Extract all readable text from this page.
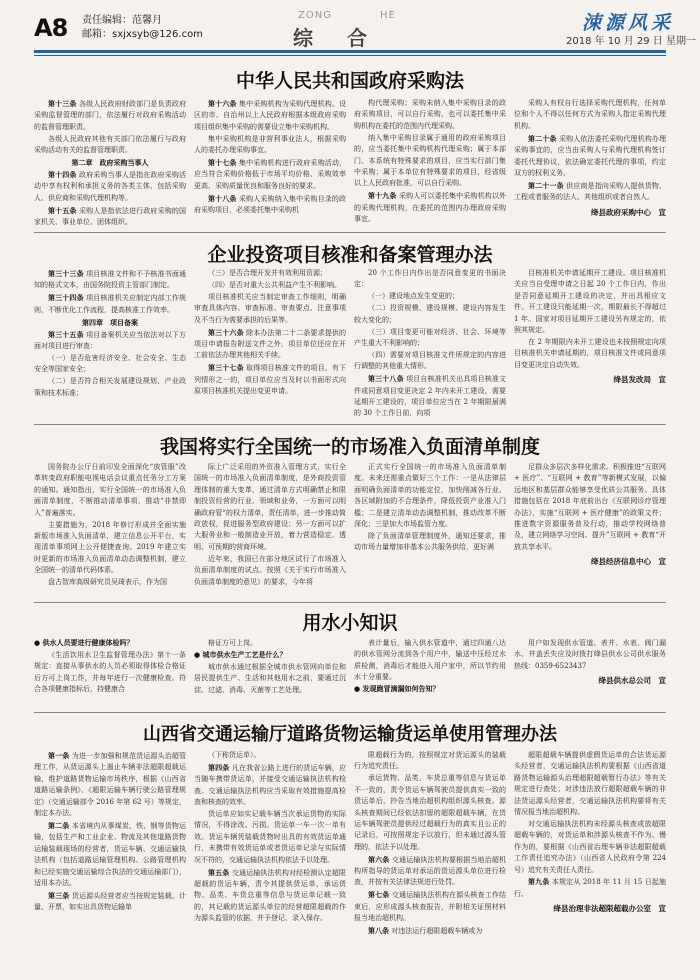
A8 责任编辑：范馨月
邮箱：sxjxsyb@126.com
ZONG	HE
综合
涑源风采
2018 年 10 月 29 日 星期一
中华人民共和国政府采购法

第十三条 各级人民政府财政部门是负责政府采购监督管理的部门，依法履行对政府采购活动的监督管理职责。

各级人民政府其他有关部门依法履行与政府采购活动有关的监督管理职责。

第二章　政府采购当事人

第十四条 政府采购当事人是指在政府采购活动中享有权利和承担义务的各类主体，包括采购人、供应商和采购代理机构等。

第十五条 采购人是指依法进行政府采购的国家机关、事业单位、团体组织。

第十六条 集中采购机构为采购代理机构。设区的市、自治州以上人民政府根据本级政府采购项目组织集中采购的需要设立集中采购机构。

集中采购机构是非营利事业法人，根据采购人的委托办理采购事宜。

第十七条 集中采购机构进行政府采购活动，应当符合采购价格低于市场平均价格、采购效率更高、采购质量优良和服务良好的要求。

第十八条 采购人采购纳入集中采购目录的政府采购项目，必须委托集中采购机

构代理采购；采购未纳入集中采购目录的政府采购项目，可以自行采购，也可以委托集中采购机构在委托的范围内代理采购。

纳入集中采购目录属于通用的政府采购项目的，应当委托集中采购机构代理采购；属于本部门、本系统有特殊要求的项目，应当实行部门集中采购；属于本单位有特殊要求的项目，经省级以上人民政府批准，可以自行采购。

第十九条 采购人可以委托集中采购机构以外的采购代理机构，在委托的范围内办理政府采购事宜。

采购人有权自行选择采购代理机构，任何单位和个人不得以任何方式为采购人指定采购代理机构。

第二十条 采购人依法委托采购代理机构办理采购事宜的，应当由采购人与采购代理机构签订委托代理协议，依法确定委托代理的事项，约定双方的权利义务。

第二十一条 供应商是指向采购人提供货物、工程或者服务的法人、其他组织或者自然人。

绛县政府采购中心　宣

企业投资项目核准和备案管理办法

第三十三条 项目核准文件和不予核准书面通知的格式文本，由国务院投资主管部门制定。

第三十四条 项目核准机关应制定内部工作规则，不断优化工作流程，提高核准工作效率。

第四章　项目备案

第三十五条 项目备案机关应当依法对以下方面对项目进行审查：

（一）是否危害经济安全、社会安全、生态安全等国家安全；

（二）是否符合相关发展建设规划、产业政策和技术标准；

（三）是否合理开发并有效利用资源；

（四）是否对重大公共利益产生不利影响。

项目核准机关应当制定审查工作细则，明确审查具体内容、审查标准、审查要点、注意事项及不当行为需要承担的后果等。

第三十六条 除本办法第二十二条要求提供的项目申请报告附送文件之外，项目单位还应在开工前依法办理其他相关手续。

第三十七条 取得项目核准文件的项目，有下列情形之一的，项目单位应当及时以书面形式向原项目核准机关提出变更申请。

20 个工作日内作出是否同意变更的书面决定：

（一）建设地点发生变更的；

（二）投资规模、建设规模、建设内容发生较大变化的；

（三）项目变更可能对经济、社会、环境等产生重大不利影响的；

（四）需要对项目核准文件所规定的内容进行调整的其他重大情形。

第三十八条 项目自核准机关出具项目核准文件或同意项目变更决定 2 年内未开工建设，需要延期开工建设的，项目单位应当在 2 年期限届满的 30 个工作日前，向项

目核准机关申请延期开工建设。项目核准机关应当自受理申请之日起 20 个工作日内，作出是否同意延期开工建设的决定，并出具相应文件。开工建设只能延期一次，期限最长不得超过 1 年。国家对项目延期开工建设另有规定的，依照其规定。

在 2 年期限内未开工建设也未按照规定向项目核准机关申请延期的，项目核准文件或同意项目变更决定自动失效。

绛县发改局　宣

我国将实行全国统一的市场准入负面清单制度

国务院办公厅日前印发全面深化“放管服”改革转变政府职能电视电话会议重点任务分工方案的通知。通知指出，实行全国统一的市场准入负面清单制度，不断推动清单事项，推动“非禁即入”普遍落实。

主要措施为，2018 年修订形成并全面实施新版市场准入负面清单，建立信息公开平台，实现清单事项网上公开便捷查询。2019 年建立实时更新的市场准入负面清单动态调整机制，建立全国统一的清单代码体系。

盘古智库高级研究员吴琦表示，作为国

际上广泛采用的外资准入管理方式，实行全国统一的市场准入负面清单制度，是外商投资管理体制的重大变革，通过清单方式明确禁止和限制投资经营的行业、领域和业务，一方面可以明确政府管“的权力清单，责任清单，进一步推动简政放权，促进服务型政府建设；另一方面可以扩大服务业和一般制造业开放，着力营造稳定、透明、可预期的营商环境。

近年来，我国已在部分地区试行了市场准入负面清单制度的试点。按照《关于实行市场准入负面清单制度的意见》的要求，今年将

正式实行全国统一的市场准入负面清单制度。未来还需重点做好三个工作：一是从法律层面明确负面清单的功能定位，加快削减各行业、各区域附加的不合理条件，降低投资产业准入门槛；二是建立清单动态调整机制，推动改革不断深化；三是加大市场监管力度。

除了负面清单管理制度外，通知还要求，推动市场力量增加非基本公共服务供给，更好满

足群众多层次多样化需求。积极推进“互联网 + 医疗”、“互联网 + 教育”等新模式发展，以偏远地区和基层群众能够享受优质公共服务。具体措施包括在 2018 年底前出台《互联网诊疗管理办法》，实施“互联网 + 医疗健康”的政策文件；推进数字资源服务普及行动，推动学校网络普及，建立网络学习空间。提升”互联网 + 教育“开放共享水平。

绛县经济信息中心　宣

用水小知识

● 供水人员要进行健康体检吗？

《生活饮用水卫生监督管理办法》第十一条规定：直接从事供水的人员必须取得体检合格证后方可上岗工作，并每年进行一次健康检查。符合各项健康指标后，持健康合

格证方可上岗。

● 城市供水生产工艺是什么？

城市供水通过根据全城市供水管网向单位和居民提供生产、生活和其他用水之前，要通过沉淀、过滤、消毒、灭菌等工艺处理。

表计量后，输入供水管道中，通过四通八达的供水管网分流到各个用户中，输送中压经过水质检测，消毒后才能进入用户家中，所以节约用水十分重要。

● 发现跑冒滴漏如何告知？

用户如发现供水管道、表井、水表、阀门漏水、井盖丢失应及时拨打绛县供水公司供水服务热线：0359-6523437

绛县供水总公司　宣

山西省交通运输厅道路货物运输货运单使用管理办法

第一条 为进一步加强和规范货运源头治超管理工作，从货运源头上遏止车辆非法超限超载运输，维护道路货物运输市场秩序，根据《山西省道路运输条例》、《超限运输车辆行驶公路管理规定》（交通运输部令 2016 年第 62 号）等规定，制定本办法。

第二条 本省境内从事煤炭、铁、钢等货物运输，包括生产和工业企业、物流及其他道路货物运输装载现场的经营者，货运车辆、交通运输执法机构（包括道路运输管理机构、公路管理机构和已经实施交通运输综合执法的交通运输部门），适用本办法。

第三条 货运源头经营者应当按规定装载、计量、开票，如实出具货物运输单

（下称货运单）。

第四条 凡在我省公路上进行的货运车辆，应当随车携带货运单，并接受交通运输执法机构检查。交通运输执法机构应当采取有效措施提高检查和核查的效率。

货运单应如实记载车辆当次承运货物的实际情况，不得涂改、污损。货运单一车一次一单有效。货运车辆凭装载货物时出具的有效货运单通行，未携带有效货运单或者货运单记录与实际情况不符的，交通运输执法机构依法予以处理。

第五条 交通运输执法机构对经检测认定超限超载的货运车辆，责令其提供货运单，承运货物、品类、车货总重等信息与货运单记载一致的，其记载的货运源头单位的经营超限超载的作为源头监管的依据，并予登记、录入保存。

限超载行为的，按照规定对货运源头的装载行为追究责任。

承运货物、品类、车货总重等信息与货运单不一致的，责令货运车辆驾驶员提供真实一致的货运单后，抄告当地治超机构组织源头核查。源头核查期间已经依法扣留的超限超载车辆，在货运车辆驾驶员提供经过超载行为的真实且公正的记录后，可按照规定予以放行，但未通过源头管理的，依法予以处理。

第六条 交通运输执法机构要根据当地治超机构所指导的货运单对承运的货运源头单位进行检查，并按有关法律法规进行处罚。

第七条 交通运输执法机构在源头核查工作结束后，应形成源头核查报告，并附相关证照材料报当地治超机构。

第八条 对违法运行超限超载车辆或为

超限超载车辆提供虚假货运单的合法货运源头经营者，交通运输执法机构要根据《山西省道路货物运输源头治理超限超载暂行办法》等有关规定进行查处；对涉违法放行超限超载车辆的非法货运源头经营者，交通运输执法机构要将有关情况报当地治超机构。

对交通运输执法机构未经源头核查或放超限超载车辆的，对货运单和涉源头核查不作为、慢作为的，要根据《山西省治理车辆非法超限超载工作责任追究办法》（山西省人民政府令第 224 号）追究有关责任人责任。

第九条 本规定从 2018 年 11 月 15 日起施行。

绛县治理非法超限超载办公室　宣
